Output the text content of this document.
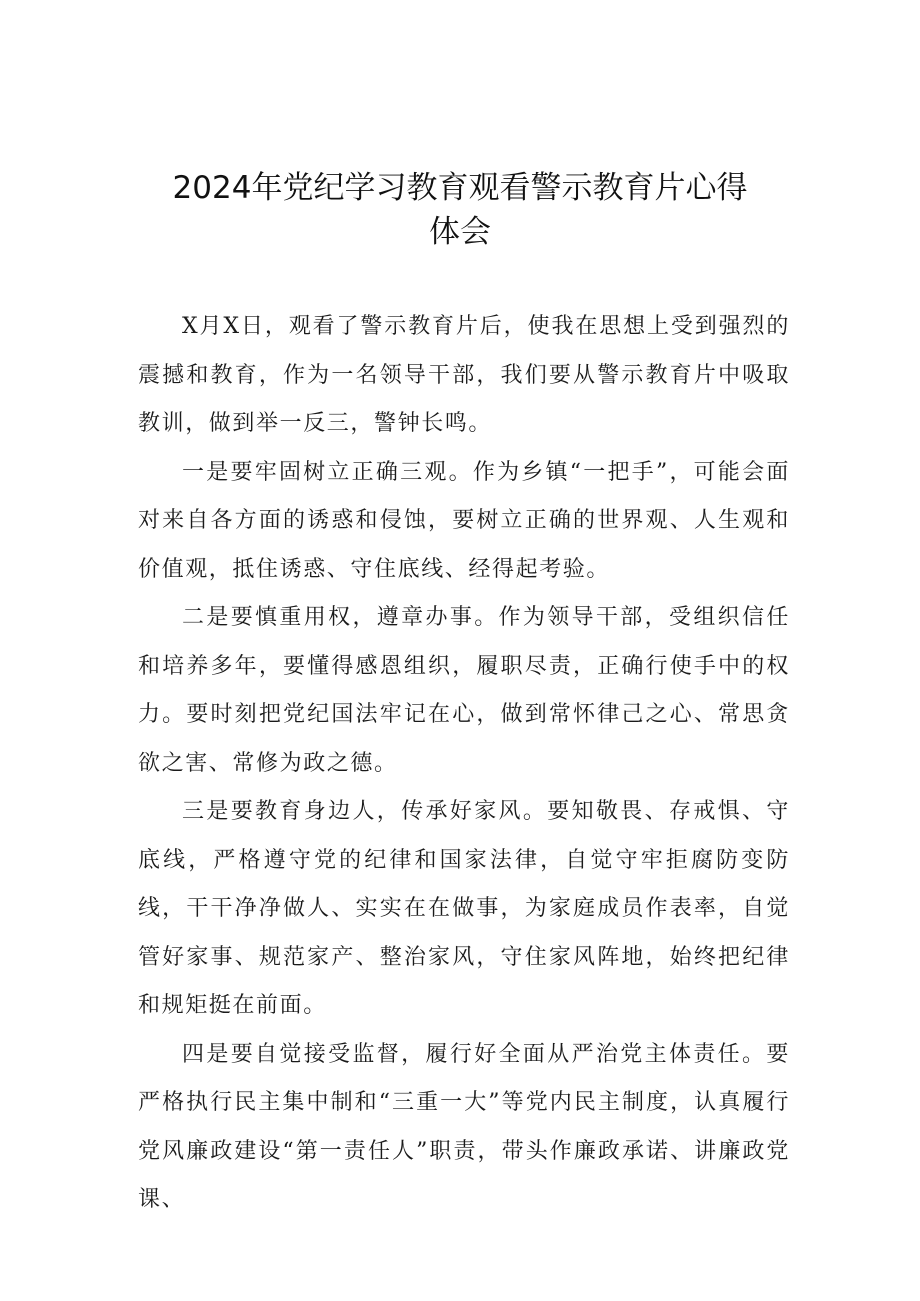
2024年党纪学习教育观看警示教育片心得
体会

X月X日，观看了警示教育片后，使我在思想上受到强烈的震撼和教育，作为一名领导干部，我们要从警示教育片中吸取教训，做到举一反三，警钟长鸣。

一是要牢固树立正确三观。作为乡镇“一把手”，可能会面对来自各方面的诱惑和侵蚀，要树立正确的世界观、人生观和价值观，抵住诱惑、守住底线、经得起考验。

二是要慎重用权，遵章办事。作为领导干部，受组织信任和培养多年，要懂得感恩组织，履职尽责，正确行使手中的权力。要时刻把党纪国法牢记在心，做到常怀律己之心、常思贪欲之害、常修为政之德。

三是要教育身边人，传承好家风。要知敬畏、存戒惧、守底线，严格遵守党的纪律和国家法律，自觉守牢拒腐防变防线，干干净净做人、实实在在做事，为家庭成员作表率，自觉管好家事、规范家产、整治家风，守住家风阵地，始终把纪律和规矩挺在前面。

四是要自觉接受监督，履行好全面从严治党主体责任。要严格执行民主集中制和“三重一大”等党内民主制度，认真履行党风廉政建设“第一责任人”职责，带头作廉政承诺、讲廉政党课、
